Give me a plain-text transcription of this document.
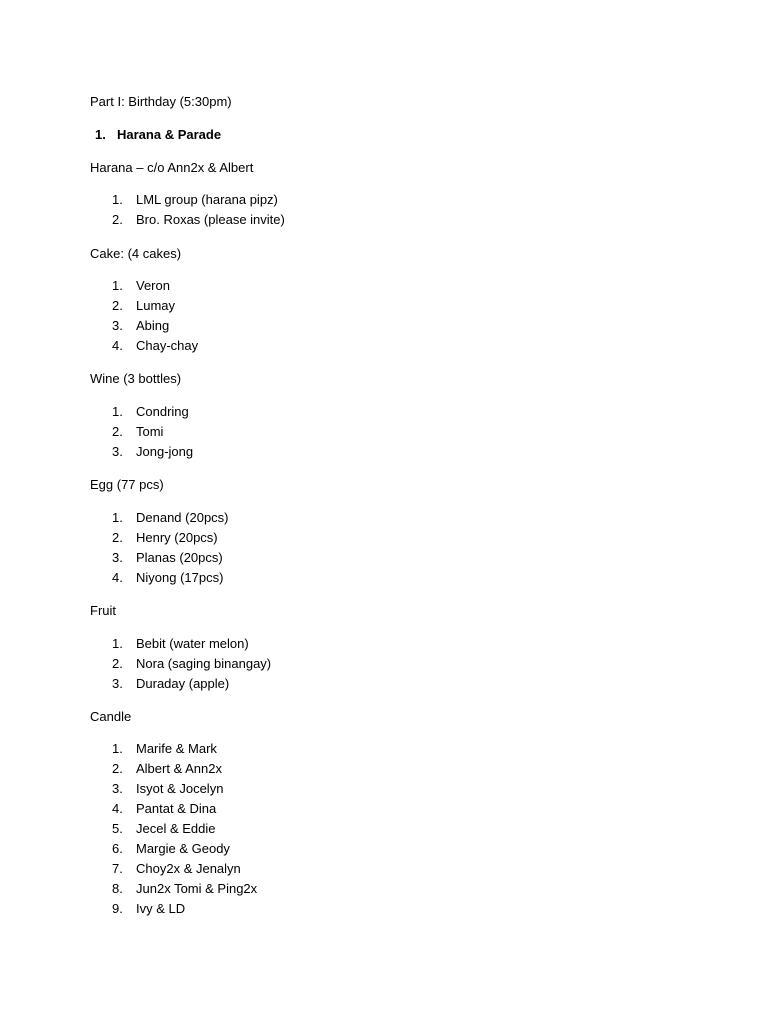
Part I: Birthday (5:30pm)
1. Harana & Parade
Harana – c/o Ann2x & Albert
1. LML group (harana pipz)
2. Bro. Roxas (please invite)
Cake: (4 cakes)
1. Veron
2. Lumay
3. Abing
4. Chay-chay
Wine (3 bottles)
1. Condring
2. Tomi
3. Jong-jong
Egg (77 pcs)
1. Denand (20pcs)
2. Henry (20pcs)
3. Planas (20pcs)
4. Niyong (17pcs)
Fruit
1. Bebit (water melon)
2. Nora (saging binangay)
3. Duraday (apple)
Candle
1. Marife & Mark
2. Albert & Ann2x
3. Isyot & Jocelyn
4. Pantat & Dina
5. Jecel & Eddie
6. Margie & Geody
7. Choy2x & Jenalyn
8. Jun2x Tomi & Ping2x
9. Ivy & LD
